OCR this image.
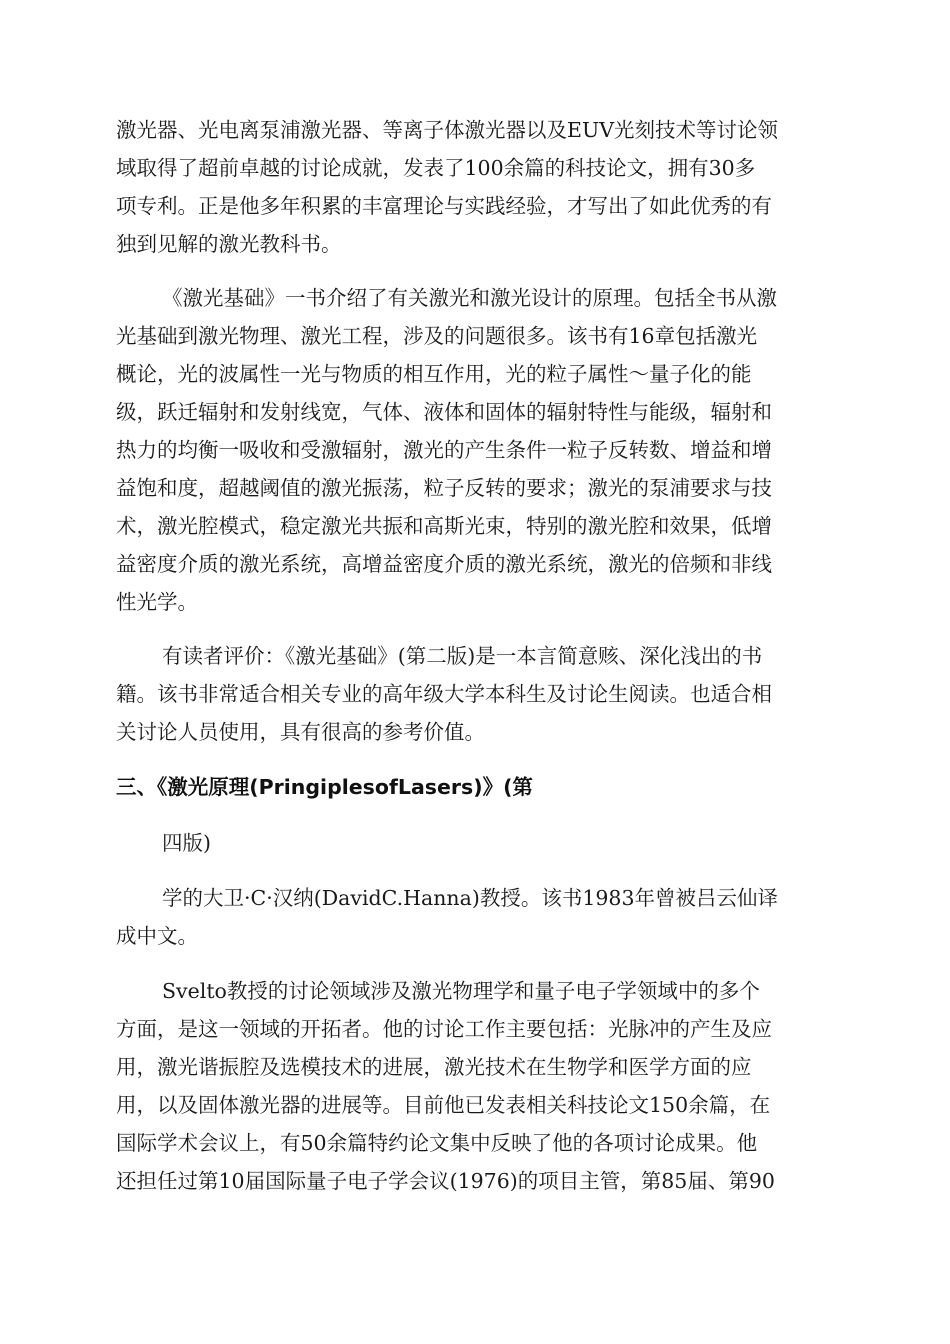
激光器、光电离泵浦激光器、等离子体激光器以及EUV光刻技术等讨论领
域取得了超前卓越的讨论成就，发表了100余篇的科技论文，拥有30多
项专利。正是他多年积累的丰富理论与实践经验，才写出了如此优秀的有
独到见解的激光教科书。
《激光基础》一书介绍了有关激光和激光设计的原理。包括全书从激
光基础到激光物理、激光工程，涉及的问题很多。该书有16章包括激光
概论，光的波属性一光与物质的相互作用，光的粒子属性～量子化的能
级，跃迁辐射和发射线宽，气体、液体和固体的辐射特性与能级，辐射和
热力的均衡一吸收和受激辐射，激光的产生条件一粒子反转数、增益和增
益饱和度，超越阈值的激光振荡，粒子反转的要求；激光的泵浦要求与技
术，激光腔模式，稳定激光共振和高斯光束，特别的激光腔和效果，低增
益密度介质的激光系统，高增益密度介质的激光系统，激光的倍频和非线
性光学。
有读者评价：《激光基础》(第二版)是一本言简意赅、深化浅出的书
籍。该书非常适合相关专业的高年级大学本科生及讨论生阅读。也适合相
关讨论人员使用，具有很高的参考价值。
三、《激光原理(PringiplesofLasers)》(第
四版)
学的大卫·C·汉纳(DavidC.Hanna)教授。该书1983年曾被吕云仙译
成中文。
Svelto教授的讨论领域涉及激光物理学和量子电子学领域中的多个
方面，是这一领域的开拓者。他的讨论工作主要包括：光脉冲的产生及应
用，激光谐振腔及选模技术的进展，激光技术在生物学和医学方面的应
用，以及固体激光器的进展等。目前他已发表相关科技论文150余篇，在
国际学术会议上，有50余篇特约论文集中反映了他的各项讨论成果。他
还担任过第10届国际量子电子学会议(1976)的项目主管，第85届、第90
